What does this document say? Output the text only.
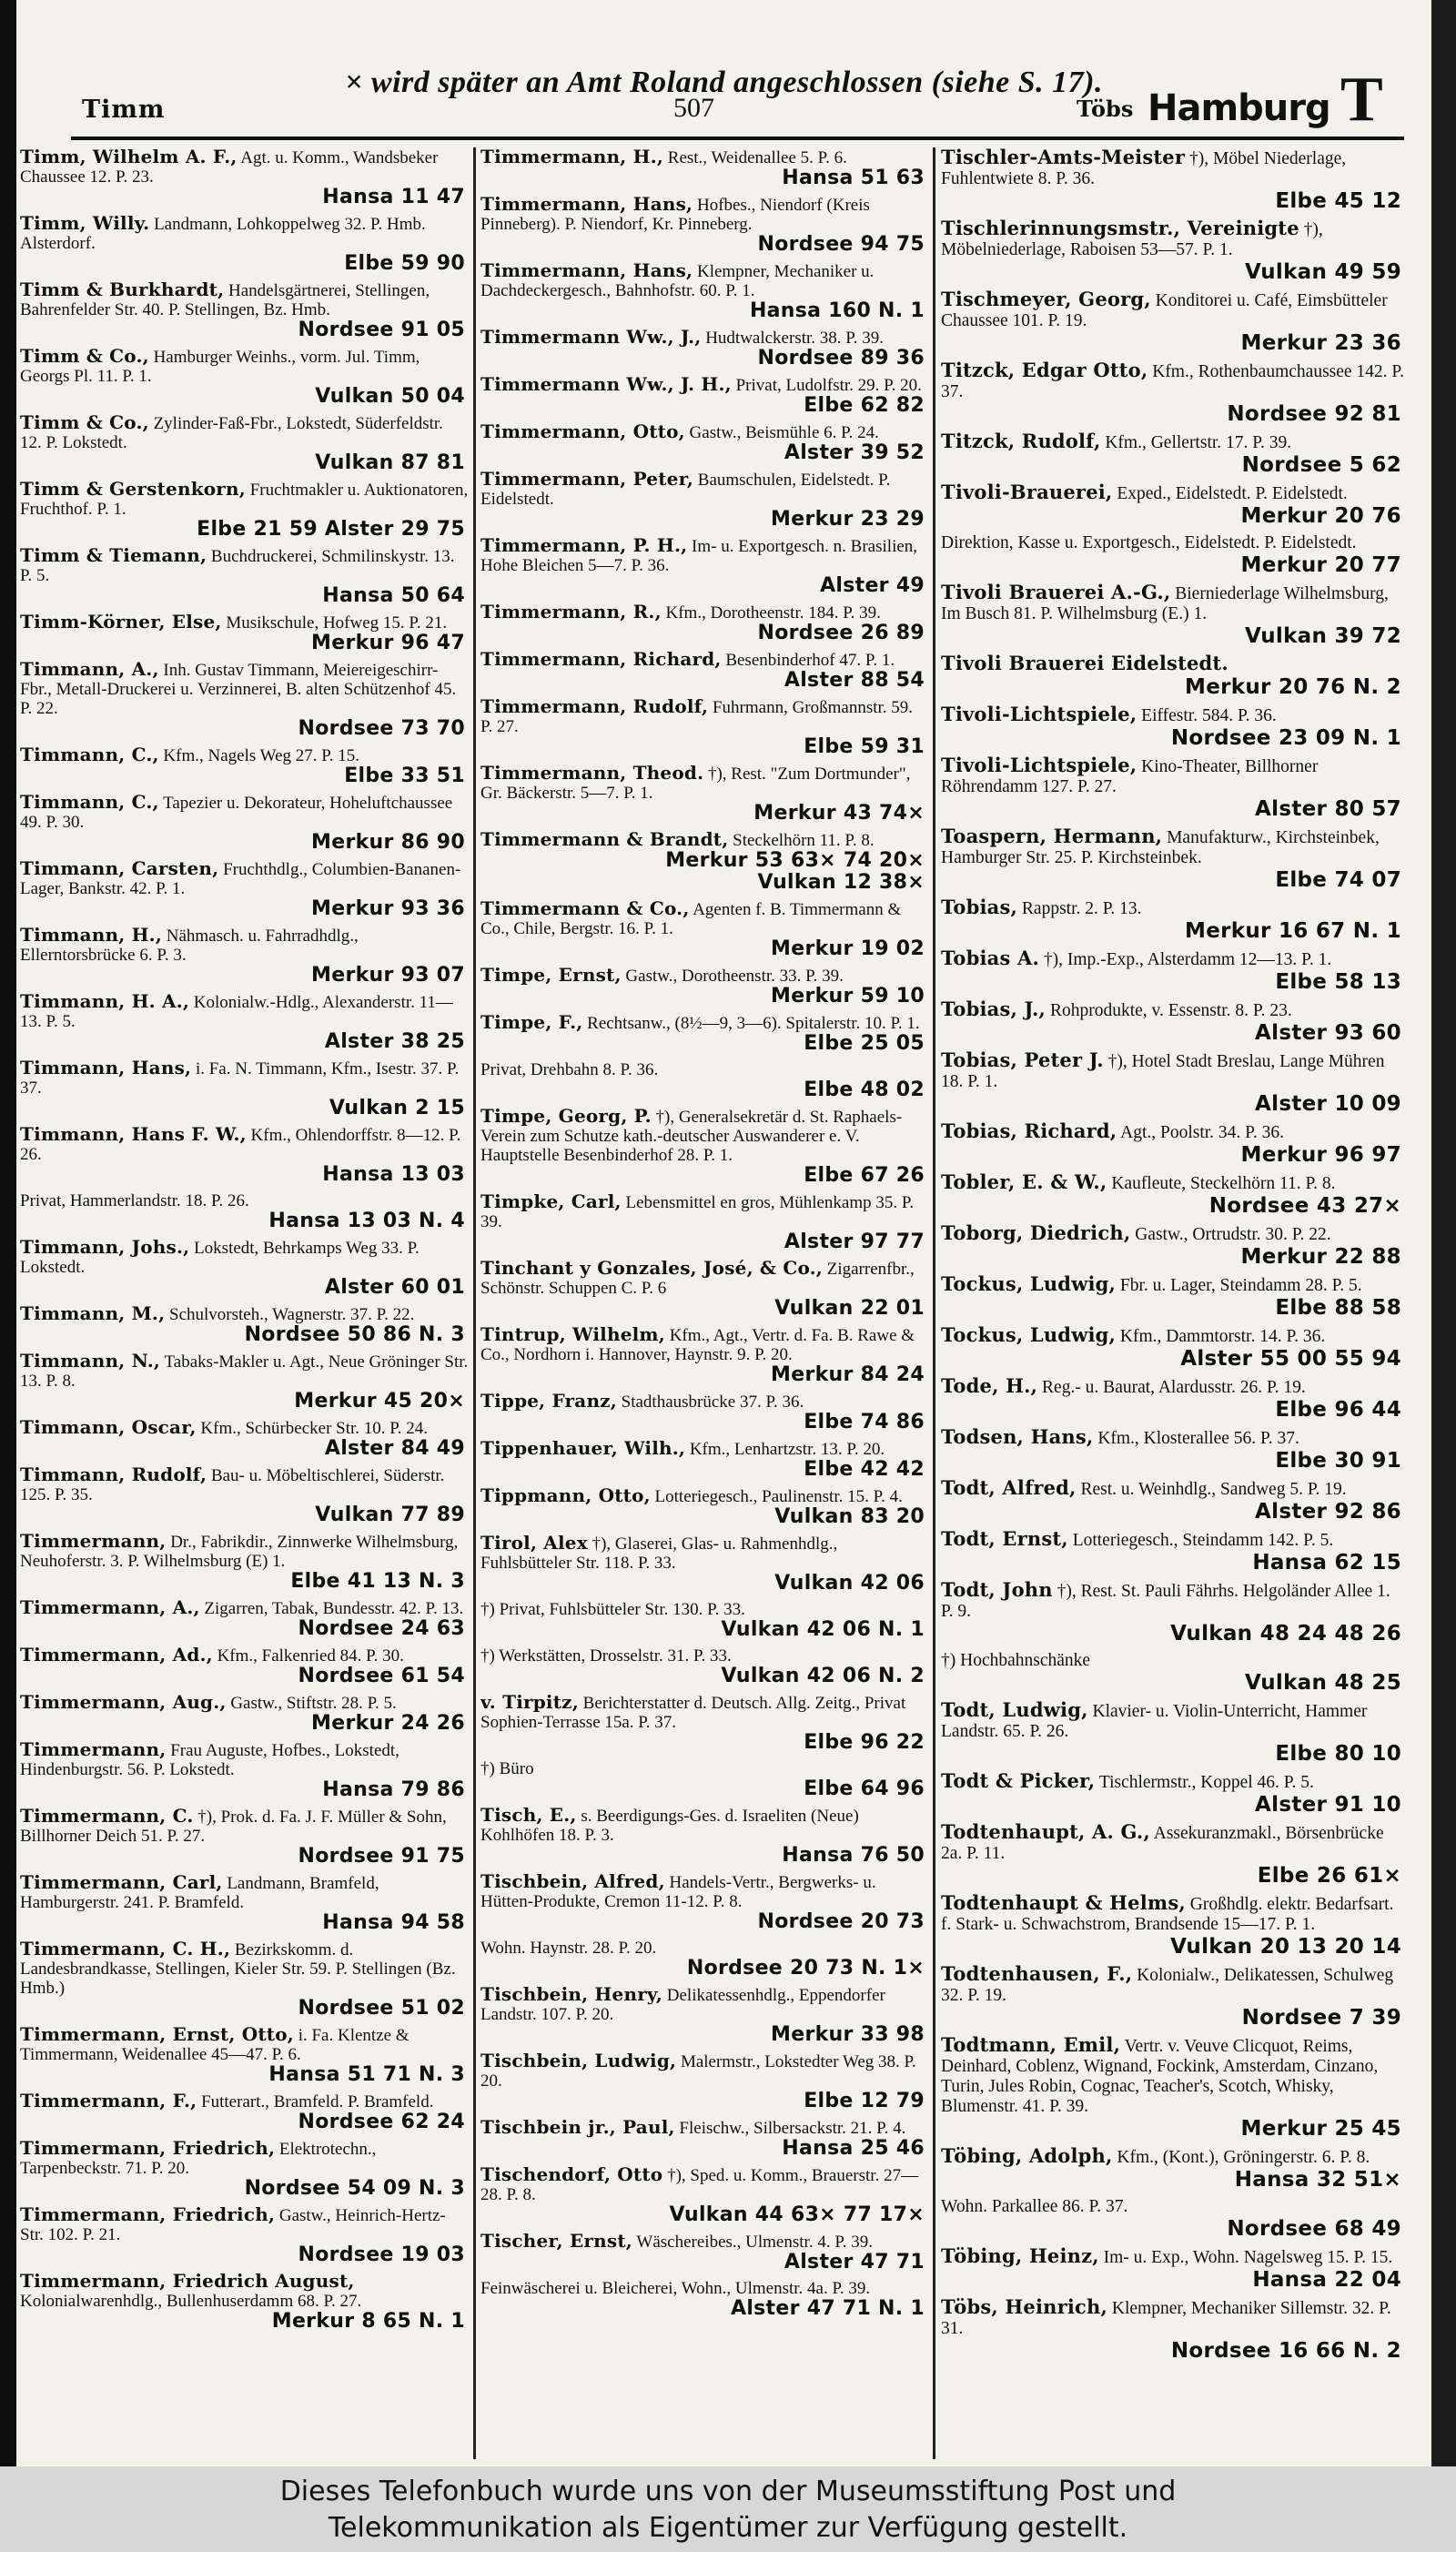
× wird später an Amt Roland angeschlossen (siehe S. 17).
Timm	507	Töbs Hamburg T

Timm, Wilhelm A. F., Agt. u. Komm., Wandsbeker Chaussee 12. P. 23.

Hansa 11 47

Timm, Willy. Landmann, Lohkoppelweg 32. P. Hmb. Alsterdorf.

Elbe 59 90

Timm & Burkhardt, Handelsgärtnerei, Stellingen, Bahrenfelder Str. 40. P. Stellingen, Bz. Hmb.

Nordsee 91 05

Timm & Co., Hamburger Weinhs., vorm. Jul. Timm, Georgs Pl. 11. P. 1.

Vulkan 50 04

Timm & Co., Zylinder-Faß-Fbr., Lokstedt, Süderfeldstr. 12. P. Lokstedt.

Vulkan 87 81

Timm & Gerstenkorn, Fruchtmakler u. Auktionatoren, Fruchthof. P. 1.

Elbe 21 59 Alster 29 75

Timm & Tiemann, Buchdruckerei, Schmilinskystr. 13. P. 5.

Hansa 50 64

Timm-Körner, Else, Musikschule, Hofweg 15. P. 21.

Merkur 96 47

Timmann, A., Inh. Gustav Timmann, Meiereigeschirr-Fbr., Metall-Druckerei u. Verzinnerei, B. alten Schützenhof 45. P. 22.

Nordsee 73 70

Timmann, C., Kfm., Nagels Weg 27. P. 15.

Elbe 33 51

Timmann, C., Tapezier u. Dekorateur, Hoheluftchaussee 49. P. 30.

Merkur 86 90

Timmann, Carsten, Fruchthdlg., Columbien-Bananen-Lager, Bankstr. 42. P. 1.

Merkur 93 36

Timmann, H., Nähmasch. u. Fahrradhdlg., Ellerntorsbrücke 6. P. 3.

Merkur 93 07

Timmann, H. A., Kolonialw.-Hdlg., Alexanderstr. 11—13. P. 5.

Alster 38 25

Timmann, Hans, i. Fa. N. Timmann, Kfm., Isestr. 37. P. 37.

Vulkan 2 15

Timmann, Hans F. W., Kfm., Ohlendorffstr. 8—12. P. 26.

Hansa 13 03

Privat, Hammerlandstr. 18. P. 26.

Hansa 13 03 N. 4

Timmann, Johs., Lokstedt, Behrkamps Weg 33. P. Lokstedt.

Alster 60 01

Timmann, M., Schulvorsteh., Wagnerstr. 37. P. 22.

Nordsee 50 86 N. 3

Timmann, N., Tabaks-Makler u. Agt., Neue Gröninger Str. 13. P. 8.

Merkur 45 20×

Timmann, Oscar, Kfm., Schürbecker Str. 10. P. 24.

Alster 84 49

Timmann, Rudolf, Bau- u. Möbeltischlerei, Süderstr. 125. P. 35.

Vulkan 77 89

Timmermann, Dr., Fabrikdir., Zinnwerke Wilhelmsburg, Neuhoferstr. 3. P. Wilhelmsburg (E) 1.

Elbe 41 13 N. 3

Timmermann, A., Zigarren, Tabak, Bundesstr. 42. P. 13.

Nordsee 24 63

Timmermann, Ad., Kfm., Falkenried 84. P. 30.

Nordsee 61 54

Timmermann, Aug., Gastw., Stiftstr. 28. P. 5.

Merkur 24 26

Timmermann, Frau Auguste, Hofbes., Lokstedt, Hindenburgstr. 56. P. Lokstedt.

Hansa 79 86

Timmermann, C. †), Prok. d. Fa. J. F. Müller & Sohn, Billhorner Deich 51. P. 27.

Nordsee 91 75

Timmermann, Carl, Landmann, Bramfeld, Hamburgerstr. 241. P. Bramfeld.

Hansa 94 58

Timmermann, C. H., Bezirkskomm. d. Landesbrandkasse, Stellingen, Kieler Str. 59. P. Stellingen (Bz. Hmb.)

Nordsee 51 02

Timmermann, Ernst, Otto, i. Fa. Klentze & Timmermann, Weidenallee 45—47. P. 6.

Hansa 51 71 N. 3

Timmermann, F., Futterart., Bramfeld. P. Bramfeld.

Nordsee 62 24

Timmermann, Friedrich, Elektrotechn., Tarpenbeckstr. 71. P. 20.

Nordsee 54 09 N. 3

Timmermann, Friedrich, Gastw., Heinrich-Hertz-Str. 102. P. 21.

Nordsee 19 03

Timmermann, Friedrich August, Kolonialwarenhdlg., Bullenhuserdamm 68. P. 27.

Merkur 8 65 N. 1

Timmermann, H., Rest., Weidenallee 5. P. 6.

Hansa 51 63

Timmermann, Hans, Hofbes., Niendorf (Kreis Pinneberg). P. Niendorf, Kr. Pinneberg.

Nordsee 94 75

Timmermann, Hans, Klempner, Mechaniker u. Dachdeckergesch., Bahnhofstr. 60. P. 1.

Hansa 160 N. 1

Timmermann Ww., J., Hudtwalckerstr. 38. P. 39.

Nordsee 89 36

Timmermann Ww., J. H., Privat, Ludolfstr. 29. P. 20.

Elbe 62 82

Timmermann, Otto, Gastw., Beismühle 6. P. 24.

Alster 39 52

Timmermann, Peter, Baumschulen, Eidelstedt. P. Eidelstedt.

Merkur 23 29

Timmermann, P. H., Im- u. Exportgesch. n. Brasilien, Hohe Bleichen 5—7. P. 36.

Alster 49

Timmermann, R., Kfm., Dorotheenstr. 184. P. 39.

Nordsee 26 89

Timmermann, Richard, Besenbinderhof 47. P. 1.

Alster 88 54

Timmermann, Rudolf, Fuhrmann, Großmannstr. 59. P. 27.

Elbe 59 31

Timmermann, Theod. †), Rest. "Zum Dortmunder", Gr. Bäckerstr. 5—7. P. 1.

Merkur 43 74×

Timmermann & Brandt, Steckelhörn 11. P. 8.

Merkur 53 63× 74 20×

Vulkan 12 38×

Timmermann & Co., Agenten f. B. Timmermann & Co., Chile, Bergstr. 16. P. 1.

Merkur 19 02

Timpe, Ernst, Gastw., Dorotheenstr. 33. P. 39.

Merkur 59 10

Timpe, F., Rechtsanw., (8½—9, 3—6). Spitalerstr. 10. P. 1.

Elbe 25 05

Privat, Drehbahn 8. P. 36.

Elbe 48 02

Timpe, Georg, P. †), Generalsekretär d. St. Raphaels-Verein zum Schutze kath.-deutscher Auswanderer e. V. Hauptstelle Besenbinderhof 28. P. 1.

Elbe 67 26

Timpke, Carl, Lebensmittel en gros, Mühlenkamp 35. P. 39.

Alster 97 77

Tinchant y Gonzales, José, & Co., Zigarrenfbr., Schönstr. Schuppen C. P. 6

Vulkan 22 01

Tintrup, Wilhelm, Kfm., Agt., Vertr. d. Fa. B. Rawe & Co., Nordhorn i. Hannover, Haynstr. 9. P. 20.

Merkur 84 24

Tippe, Franz, Stadthausbrücke 37. P. 36.

Elbe 74 86

Tippenhauer, Wilh., Kfm., Lenhartzstr. 13. P. 20.

Elbe 42 42

Tippmann, Otto, Lotteriegesch., Paulinenstr. 15. P. 4.

Vulkan 83 20

Tirol, Alex †), Glaserei, Glas- u. Rahmenhdlg., Fuhlsbütteler Str. 118. P. 33.

Vulkan 42 06

†) Privat, Fuhlsbütteler Str. 130. P. 33.

Vulkan 42 06 N. 1

†) Werkstätten, Drosselstr. 31. P. 33.

Vulkan 42 06 N. 2

v. Tirpitz, Berichterstatter d. Deutsch. Allg. Zeitg., Privat Sophien-Terrasse 15a. P. 37.

Elbe 96 22

†) Büro

Elbe 64 96

Tisch, E., s. Beerdigungs-Ges. d. Israeliten (Neue) Kohlhöfen 18. P. 3.

Hansa 76 50

Tischbein, Alfred, Handels-Vertr., Bergwerks- u. Hütten-Produkte, Cremon 11-12. P. 8.

Nordsee 20 73

Wohn. Haynstr. 28. P. 20.

Nordsee 20 73 N. 1×

Tischbein, Henry, Delikatessenhdlg., Eppendorfer Landstr. 107. P. 20.

Merkur 33 98

Tischbein, Ludwig, Malermstr., Lokstedter Weg 38. P. 20.

Elbe 12 79

Tischbein jr., Paul, Fleischw., Silbersackstr. 21. P. 4.

Hansa 25 46

Tischendorf, Otto †), Sped. u. Komm., Brauerstr. 27—28. P. 8.

Vulkan 44 63× 77 17×

Tischer, Ernst, Wäschereibes., Ulmenstr. 4. P. 39.

Alster 47 71

Feinwäscherei u. Bleicherei, Wohn., Ulmenstr. 4a. P. 39.

Alster 47 71 N. 1

Tischler-Amts-Meister †), Möbel Niederlage, Fuhlentwiete 8. P. 36.

Elbe 45 12

Tischlerinnungsmstr., Vereinigte †), Möbelniederlage, Raboisen 53—57. P. 1.

Vulkan 49 59

Tischmeyer, Georg, Konditorei u. Café, Eimsbütteler Chaussee 101. P. 19.

Merkur 23 36

Titzck, Edgar Otto, Kfm., Rothenbaumchaussee 142. P. 37.

Nordsee 92 81

Titzck, Rudolf, Kfm., Gellertstr. 17. P. 39.

Nordsee 5 62

Tivoli-Brauerei, Exped., Eidelstedt. P. Eidelstedt.

Merkur 20 76

Direktion, Kasse u. Exportgesch., Eidelstedt. P. Eidelstedt.

Merkur 20 77

Tivoli Brauerei A.-G., Bierniederlage Wilhelmsburg, Im Busch 81. P. Wilhelmsburg (E.) 1.

Vulkan 39 72

Tivoli Brauerei Eidelstedt.

Merkur 20 76 N. 2

Tivoli-Lichtspiele, Eiffestr. 584. P. 36.

Nordsee 23 09 N. 1

Tivoli-Lichtspiele, Kino-Theater, Billhorner Röhrendamm 127. P. 27.

Alster 80 57

Toaspern, Hermann, Manufakturw., Kirchsteinbek, Hamburger Str. 25. P. Kirchsteinbek.

Elbe 74 07

Tobias, Rappstr. 2. P. 13.

Merkur 16 67 N. 1

Tobias A. †), Imp.-Exp., Alsterdamm 12—13. P. 1.

Elbe 58 13

Tobias, J., Rohprodukte, v. Essenstr. 8. P. 23.

Alster 93 60

Tobias, Peter J. †), Hotel Stadt Breslau, Lange Mühren 18. P. 1.

Alster 10 09

Tobias, Richard, Agt., Poolstr. 34. P. 36.

Merkur 96 97

Tobler, E. & W., Kaufleute, Steckelhörn 11. P. 8.

Nordsee 43 27×

Toborg, Diedrich, Gastw., Ortrudstr. 30. P. 22.

Merkur 22 88

Tockus, Ludwig, Fbr. u. Lager, Steindamm 28. P. 5.

Elbe 88 58

Tockus, Ludwig, Kfm., Dammtorstr. 14. P. 36.

Alster 55 00 55 94

Tode, H., Reg.- u. Baurat, Alardusstr. 26. P. 19.

Elbe 96 44

Todsen, Hans, Kfm., Klosterallee 56. P. 37.

Elbe 30 91

Todt, Alfred, Rest. u. Weinhdlg., Sandweg 5. P. 19.

Alster 92 86

Todt, Ernst, Lotteriegesch., Steindamm 142. P. 5.

Hansa 62 15

Todt, John †), Rest. St. Pauli Fährhs. Helgoländer Allee 1. P. 9.

Vulkan 48 24 48 26

†) Hochbahnschänke

Vulkan 48 25

Todt, Ludwig, Klavier- u. Violin-Unterricht, Hammer Landstr. 65. P. 26.

Elbe 80 10

Todt & Picker, Tischlermstr., Koppel 46. P. 5.

Alster 91 10

Todtenhaupt, A. G., Assekuranzmakl., Börsenbrücke 2a. P. 11.

Elbe 26 61×

Todtenhaupt & Helms, Großhdlg. elektr. Bedarfsart. f. Stark- u. Schwachstrom, Brandsende 15—17. P. 1.

Vulkan 20 13 20 14

Todtenhausen, F., Kolonialw., Delikatessen, Schulweg 32. P. 19.

Nordsee 7 39

Todtmann, Emil, Vertr. v. Veuve Clicquot, Reims, Deinhard, Coblenz, Wignand, Fockink, Amsterdam, Cinzano, Turin, Jules Robin, Cognac, Teacher's, Scotch, Whisky, Blumenstr. 41. P. 39.

Merkur 25 45

Töbing, Adolph, Kfm., (Kont.), Gröningerstr. 6. P. 8.

Hansa 32 51×

Wohn. Parkallee 86. P. 37.

Nordsee 68 49

Töbing, Heinz, Im- u. Exp., Wohn. Nagelsweg 15. P. 15.

Hansa 22 04

Töbs, Heinrich, Klempner, Mechaniker Sillemstr. 32. P. 31.

Nordsee 16 66 N. 2

Dieses Telefonbuch wurde uns von der Museumsstiftung Post und
Telekommunikation als Eigentümer zur Verfügung gestellt.
